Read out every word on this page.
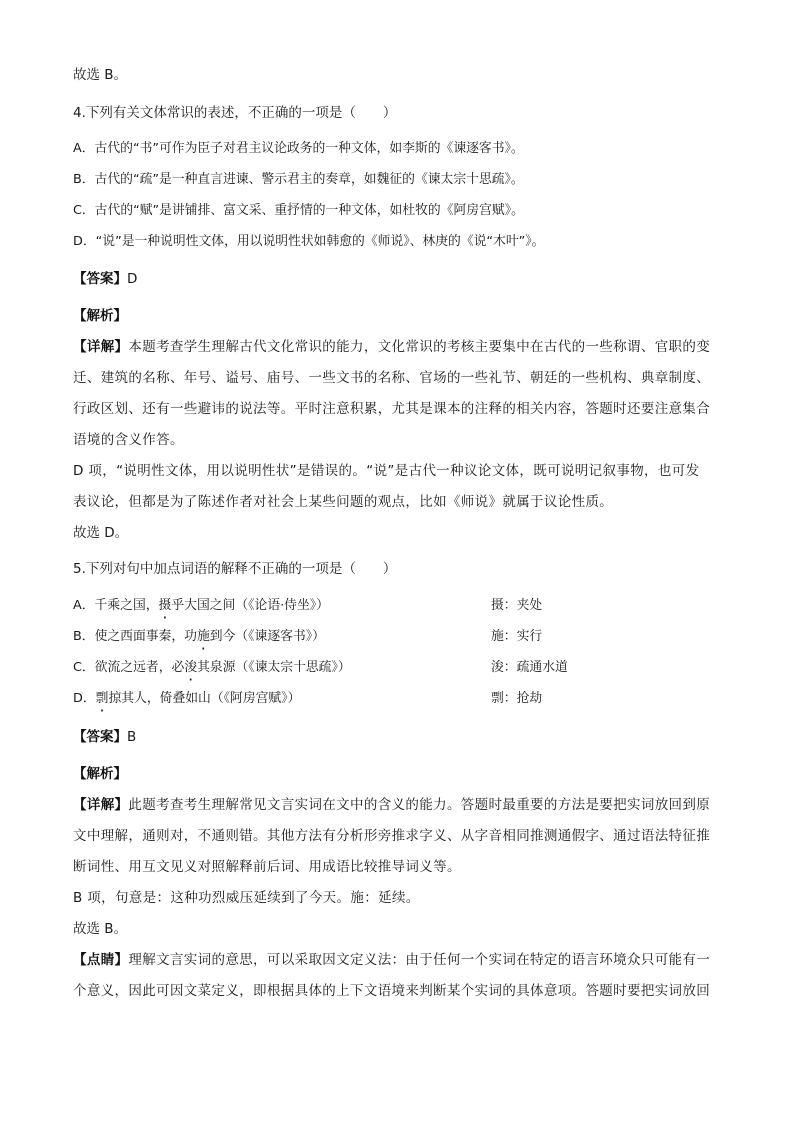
故选 B。
4.下列有关文体常识的表述，不正确的一项是（　　）
A．古代的“书”可作为臣子对君主议论政务的一种文体，如李斯的《谏逐客书》。
B．古代的“疏”是一种直言进谏、警示君主的奏章，如魏征的《谏太宗十思疏》。
C．古代的“赋”是讲铺排、富文采、重抒情的一种文体，如杜牧的《阿房宫赋》。
D．“说”是一种说明性文体，用以说明性状如韩愈的《师说》、林庚的《说“木叶”》。
【答案】D
【解析】
【详解】本题考查学生理解古代文化常识的能力，文化常识的考核主要集中在古代的一些称谓、官职的变
迁、建筑的名称、年号、谥号、庙号、一些文书的名称、官场的一些礼节、朝廷的一些机构、典章制度、
行政区划、还有一些避讳的说法等。平时注意积累，尤其是课本的注释的相关内容，答题时还要注意集合
语境的含义作答。
D 项，“说明性文体，用以说明性状”是错误的。“说”是古代一种议论文体，既可说明记叙事物，也可发
表议论，但都是为了陈述作者对社会上某些问题的观点，比如《师说》就属于议论性质。
故选 D。
5.下列对句中加点词语的解释不正确的一项是（　　）
A．千乘之国，摄乎大国之间（《论语·侍坐》）	摄：夹处
B．使之西面事秦，功施到今（《谏逐客书》）	施：实行
C．欲流之远者，必浚其泉源（《谏太宗十思疏》）	浚：疏通水道
D．剽掠其人，倚叠如山（《阿房宫赋》）	剽：抢劫
【答案】B
【解析】
【详解】此题考查考生理解常见文言实词在文中的含义的能力。答题时最重要的方法是要把实词放回到原
文中理解，通则对，不通则错。其他方法有分析形旁推求字义、从字音相同推测通假字、通过语法特征推
断词性、用互文见义对照解释前后词、用成语比较推导词义等。
B 项，句意是：这种功烈威压延续到了今天。施：延续。
故选 B。
【点睛】理解文言实词的意思，可以采取因文定义法：由于任何一个实词在特定的语言环境众只可能有一
个意义，因此可因文菜定义，即根据具体的上下文语境来判断某个实词的具体意项。答题时要把实词放回
